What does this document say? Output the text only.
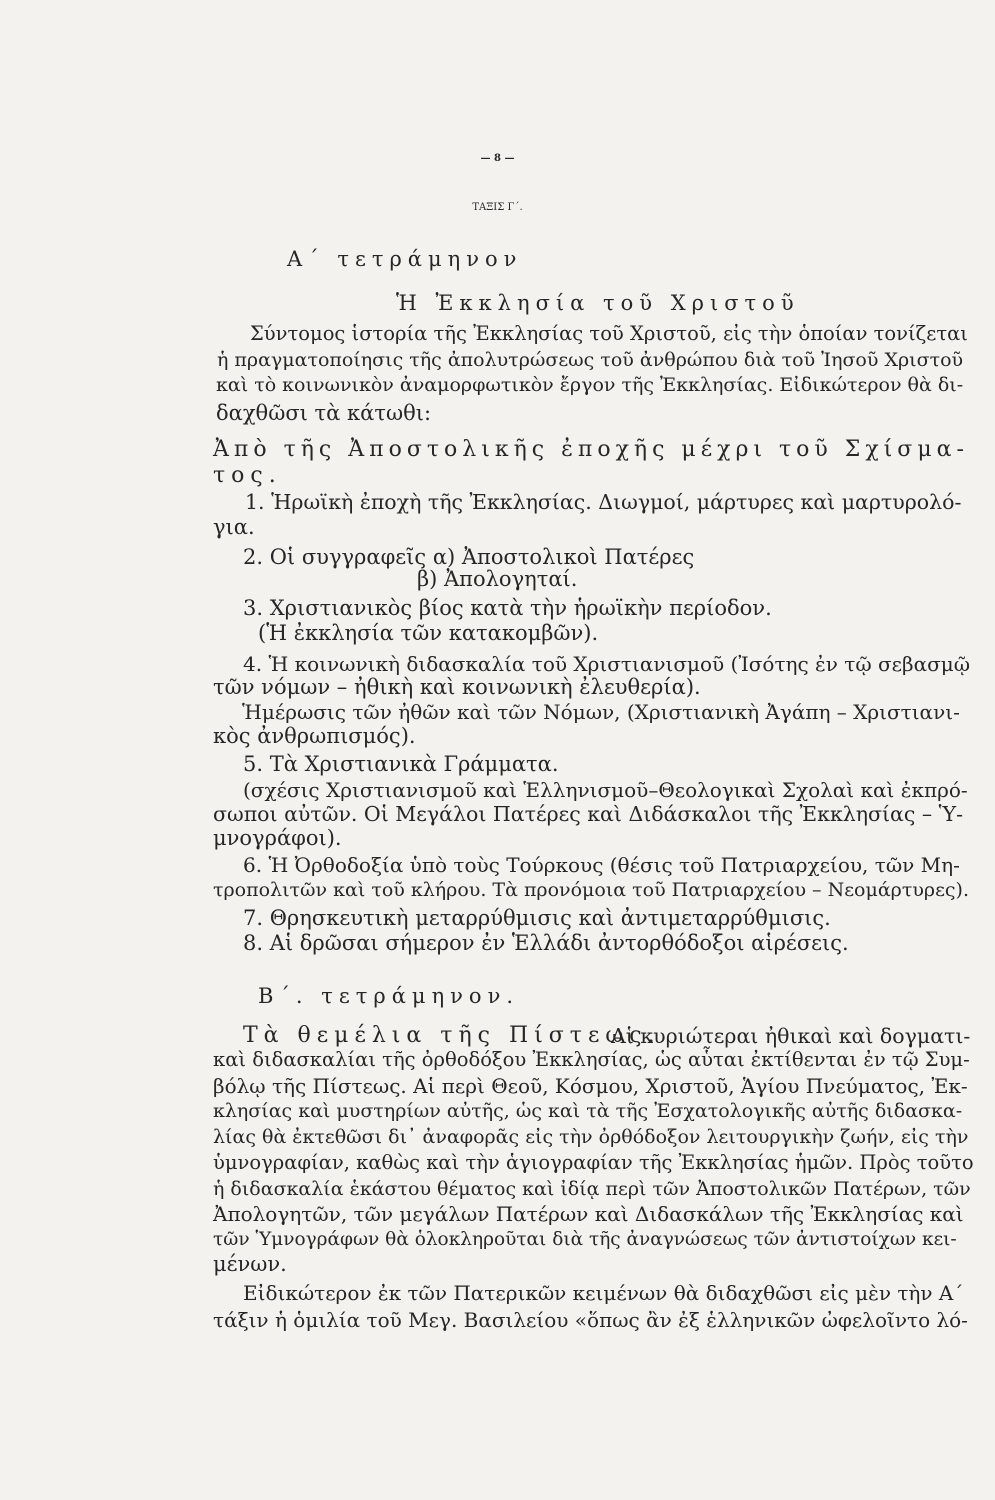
— 8 —
ΤΑΞΙΣ Γ΄.
Α΄ τετράμηνον
Ἡ Ἐκκλησία τοῦ Χριστοῦ
Σύντομος ἱστορία τῆς Ἐκκλησίας τοῦ Χριστοῦ, εἰς τὴν ὁποίαν τονίζεται
ἡ πραγματοποίησις τῆς ἀπολυτρώσεως τοῦ ἀνθρώπου διὰ τοῦ Ἰησοῦ Χριστοῦ
καὶ τὸ κοινωνικὸν ἀναμορφωτικὸν ἔργον τῆς Ἐκκλησίας. Εἰδικώτερον θὰ δι-
δαχθῶσι τὰ κάτωθι:
Ἀπὸ τῆς Ἀποστολικῆς ἐποχῆς μέχρι τοῦ Σχίσμα-
τος.
1. Ἡρωϊκὴ ἐποχὴ τῆς Ἐκκλησίας. Διωγμοί, μάρτυρες καὶ μαρτυρολό-
για.
2. Οἱ συγγραφεῖς α) Ἀποστολικοὶ Πατέρες
β) Ἀπολογηταί.
3. Χριστιανικὸς βίος κατὰ τὴν ἡρωϊκὴν περίοδον.
(Ἡ ἐκκλησία τῶν κατακομβῶν).
4. Ἡ κοινωνικὴ διδασκαλία τοῦ Χριστιανισμοῦ (Ἰσότης ἐν τῷ σεβασμῷ
τῶν νόμων – ἠθικὴ καὶ κοινωνικὴ ἐλευθερία).
Ἡμέρωσις τῶν ἠθῶν καὶ τῶν Νόμων, (Χριστιανικὴ Ἀγάπη – Χριστιανι-
κὸς ἀνθρωπισμός).
5. Τὰ Χριστιανικὰ Γράμματα.
(σχέσις Χριστιανισμοῦ καὶ Ἑλληνισμοῦ–Θεολογικαὶ Σχολαὶ καὶ ἐκπρό-
σωποι αὐτῶν. Οἱ Μεγάλοι Πατέρες καὶ Διδάσκαλοι τῆς Ἐκκλησίας – Ὑ-
μνογράφοι).
6. Ἡ Ὀρθοδοξία ὑπὸ τοὺς Τούρκους (θέσις τοῦ Πατριαρχείου, τῶν Μη-
τροπολιτῶν καὶ τοῦ κλήρου. Τὰ προνόμοια τοῦ Πατριαρχείου – Νεομάρτυρες).
7. Θρησκευτικὴ μεταρρύθμισις καὶ ἀντιμεταρρύθμισις.
8. Αἱ δρῶσαι σήμερον ἐν Ἑλλάδι ἀντορθόδοξοι αἱρέσεις.
Β΄. τετράμηνον.
Τὰ θεμέλια τῆς Πίστεως.
Αἱ κυριώτεραι ἠθικαὶ καὶ δογματι-
καὶ διδασκαλίαι τῆς ὀρθοδόξου Ἐκκλησίας, ὡς αὗται ἐκτίθενται ἐν τῷ Συμ-
βόλῳ τῆς Πίστεως. Αἱ περὶ Θεοῦ, Κόσμου, Χριστοῦ, Ἁγίου Πνεύματος, Ἐκ-
κλησίας καὶ μυστηρίων αὐτῆς, ὡς καὶ τὰ τῆς Ἐσχατολογικῆς αὐτῆς διδασκα-
λίας θὰ ἐκτεθῶσι δι᾽ ἀναφορᾶς εἰς τὴν ὀρθόδοξον λειτουργικὴν ζωήν, εἰς τὴν
ὑμνογραφίαν, καθὼς καὶ τὴν ἁγιογραφίαν τῆς Ἐκκλησίας ἡμῶν. Πρὸς τοῦτο
ἡ διδασκαλία ἑκάστου θέματος καὶ ἰδίᾳ περὶ τῶν Ἀποστολικῶν Πατέρων, τῶν
Ἀπολογητῶν, τῶν μεγάλων Πατέρων καὶ Διδασκάλων τῆς Ἐκκλησίας καὶ
τῶν Ὑμνογράφων θὰ ὁλοκληροῦται διὰ τῆς ἀναγνώσεως τῶν ἀντιστοίχων κει-
μένων.
Εἰδικώτερον ἐκ τῶν Πατερικῶν κειμένων θὰ διδαχθῶσι εἰς μὲν τὴν Α΄
τάξιν ἡ ὁμιλία τοῦ Μεγ. Βασιλείου «ὅπως ἂν ἐξ ἑλληνικῶν ὠφελοῖντο λό-
